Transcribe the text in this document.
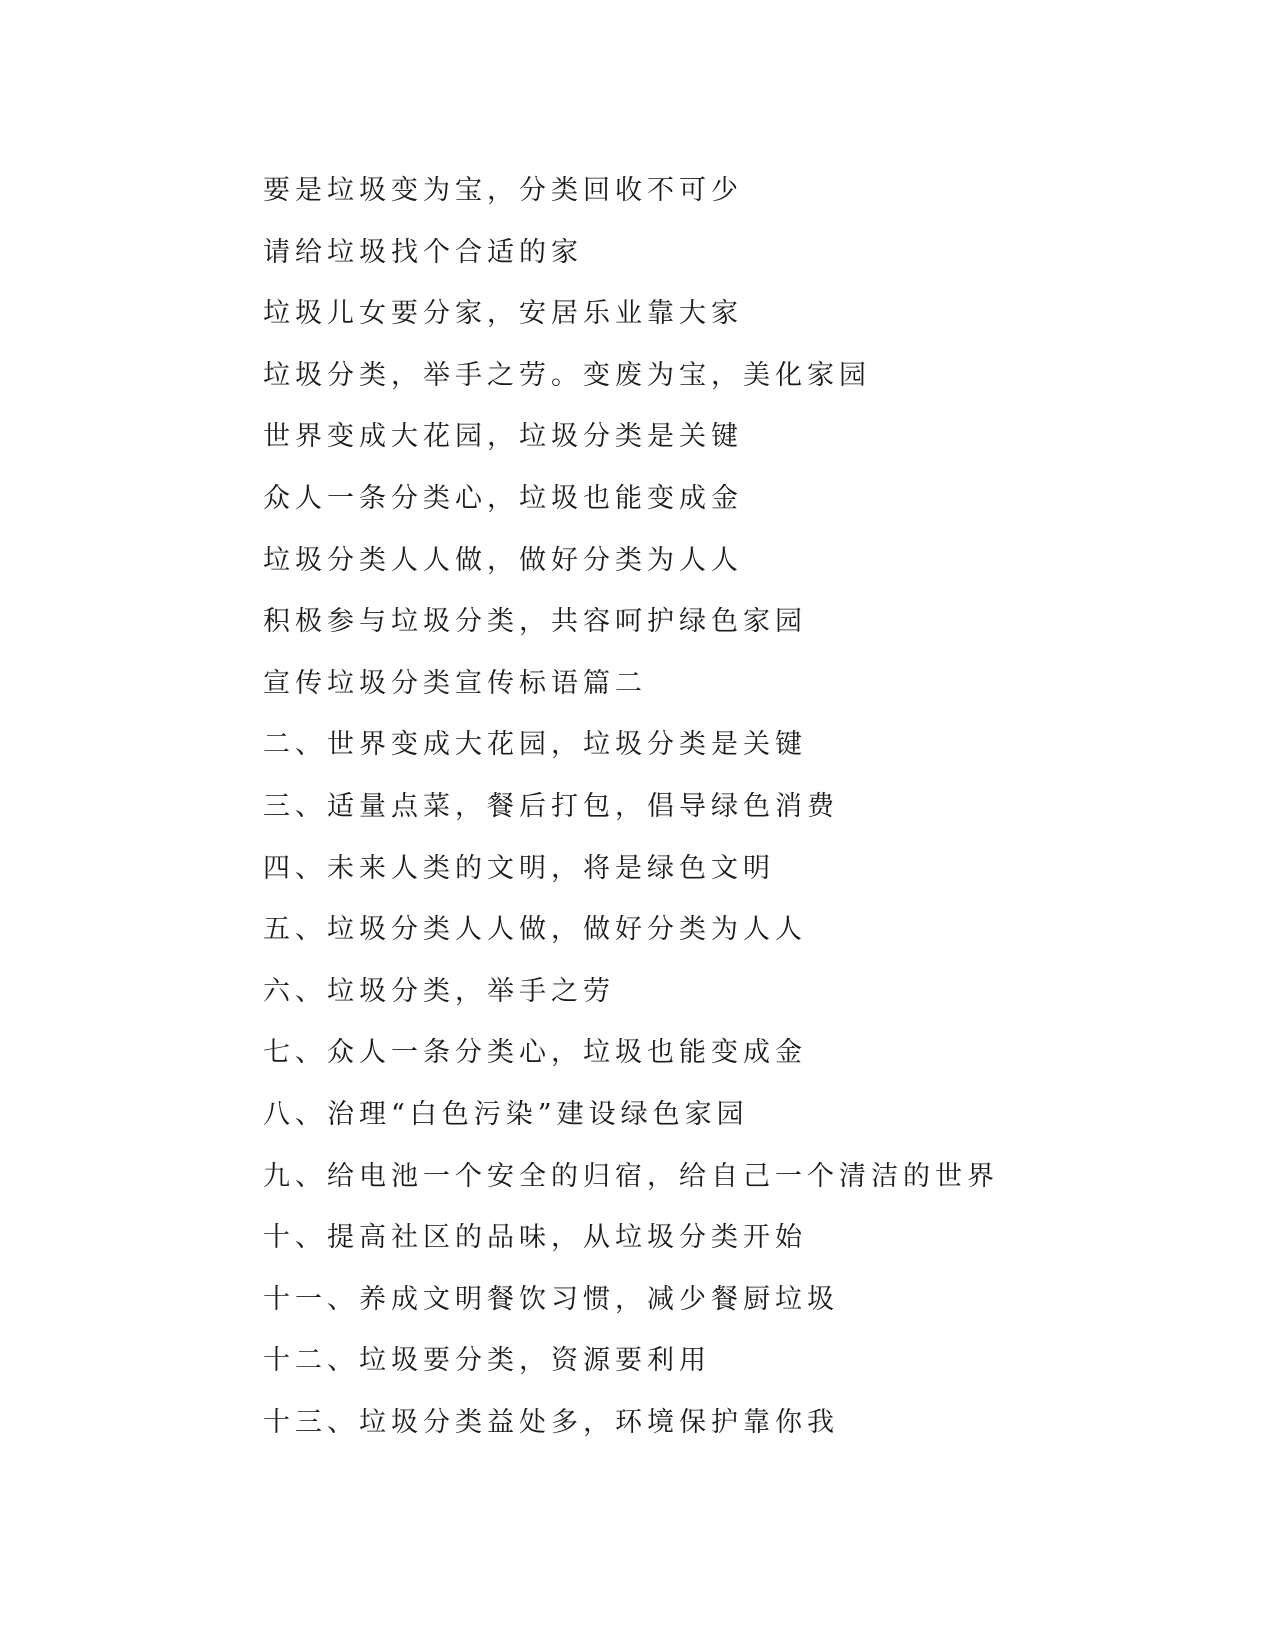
要是垃圾变为宝，分类回收不可少
请给垃圾找个合适的家
垃圾儿女要分家，安居乐业靠大家
垃圾分类，举手之劳。变废为宝，美化家园
世界变成大花园，垃圾分类是关键
众人一条分类心，垃圾也能变成金
垃圾分类人人做，做好分类为人人
积极参与垃圾分类，共容呵护绿色家园
宣传垃圾分类宣传标语篇二
二、世界变成大花园，垃圾分类是关键
三、适量点菜，餐后打包，倡导绿色消费
四、未来人类的文明，将是绿色文明
五、垃圾分类人人做，做好分类为人人
六、垃圾分类，举手之劳
七、众人一条分类心，垃圾也能变成金
八、治理“白色污染”建设绿色家园
九、给电池一个安全的归宿，给自己一个清洁的世界
十、提高社区的品味，从垃圾分类开始
十一、养成文明餐饮习惯，减少餐厨垃圾
十二、垃圾要分类，资源要利用
十三、垃圾分类益处多，环境保护靠你我
